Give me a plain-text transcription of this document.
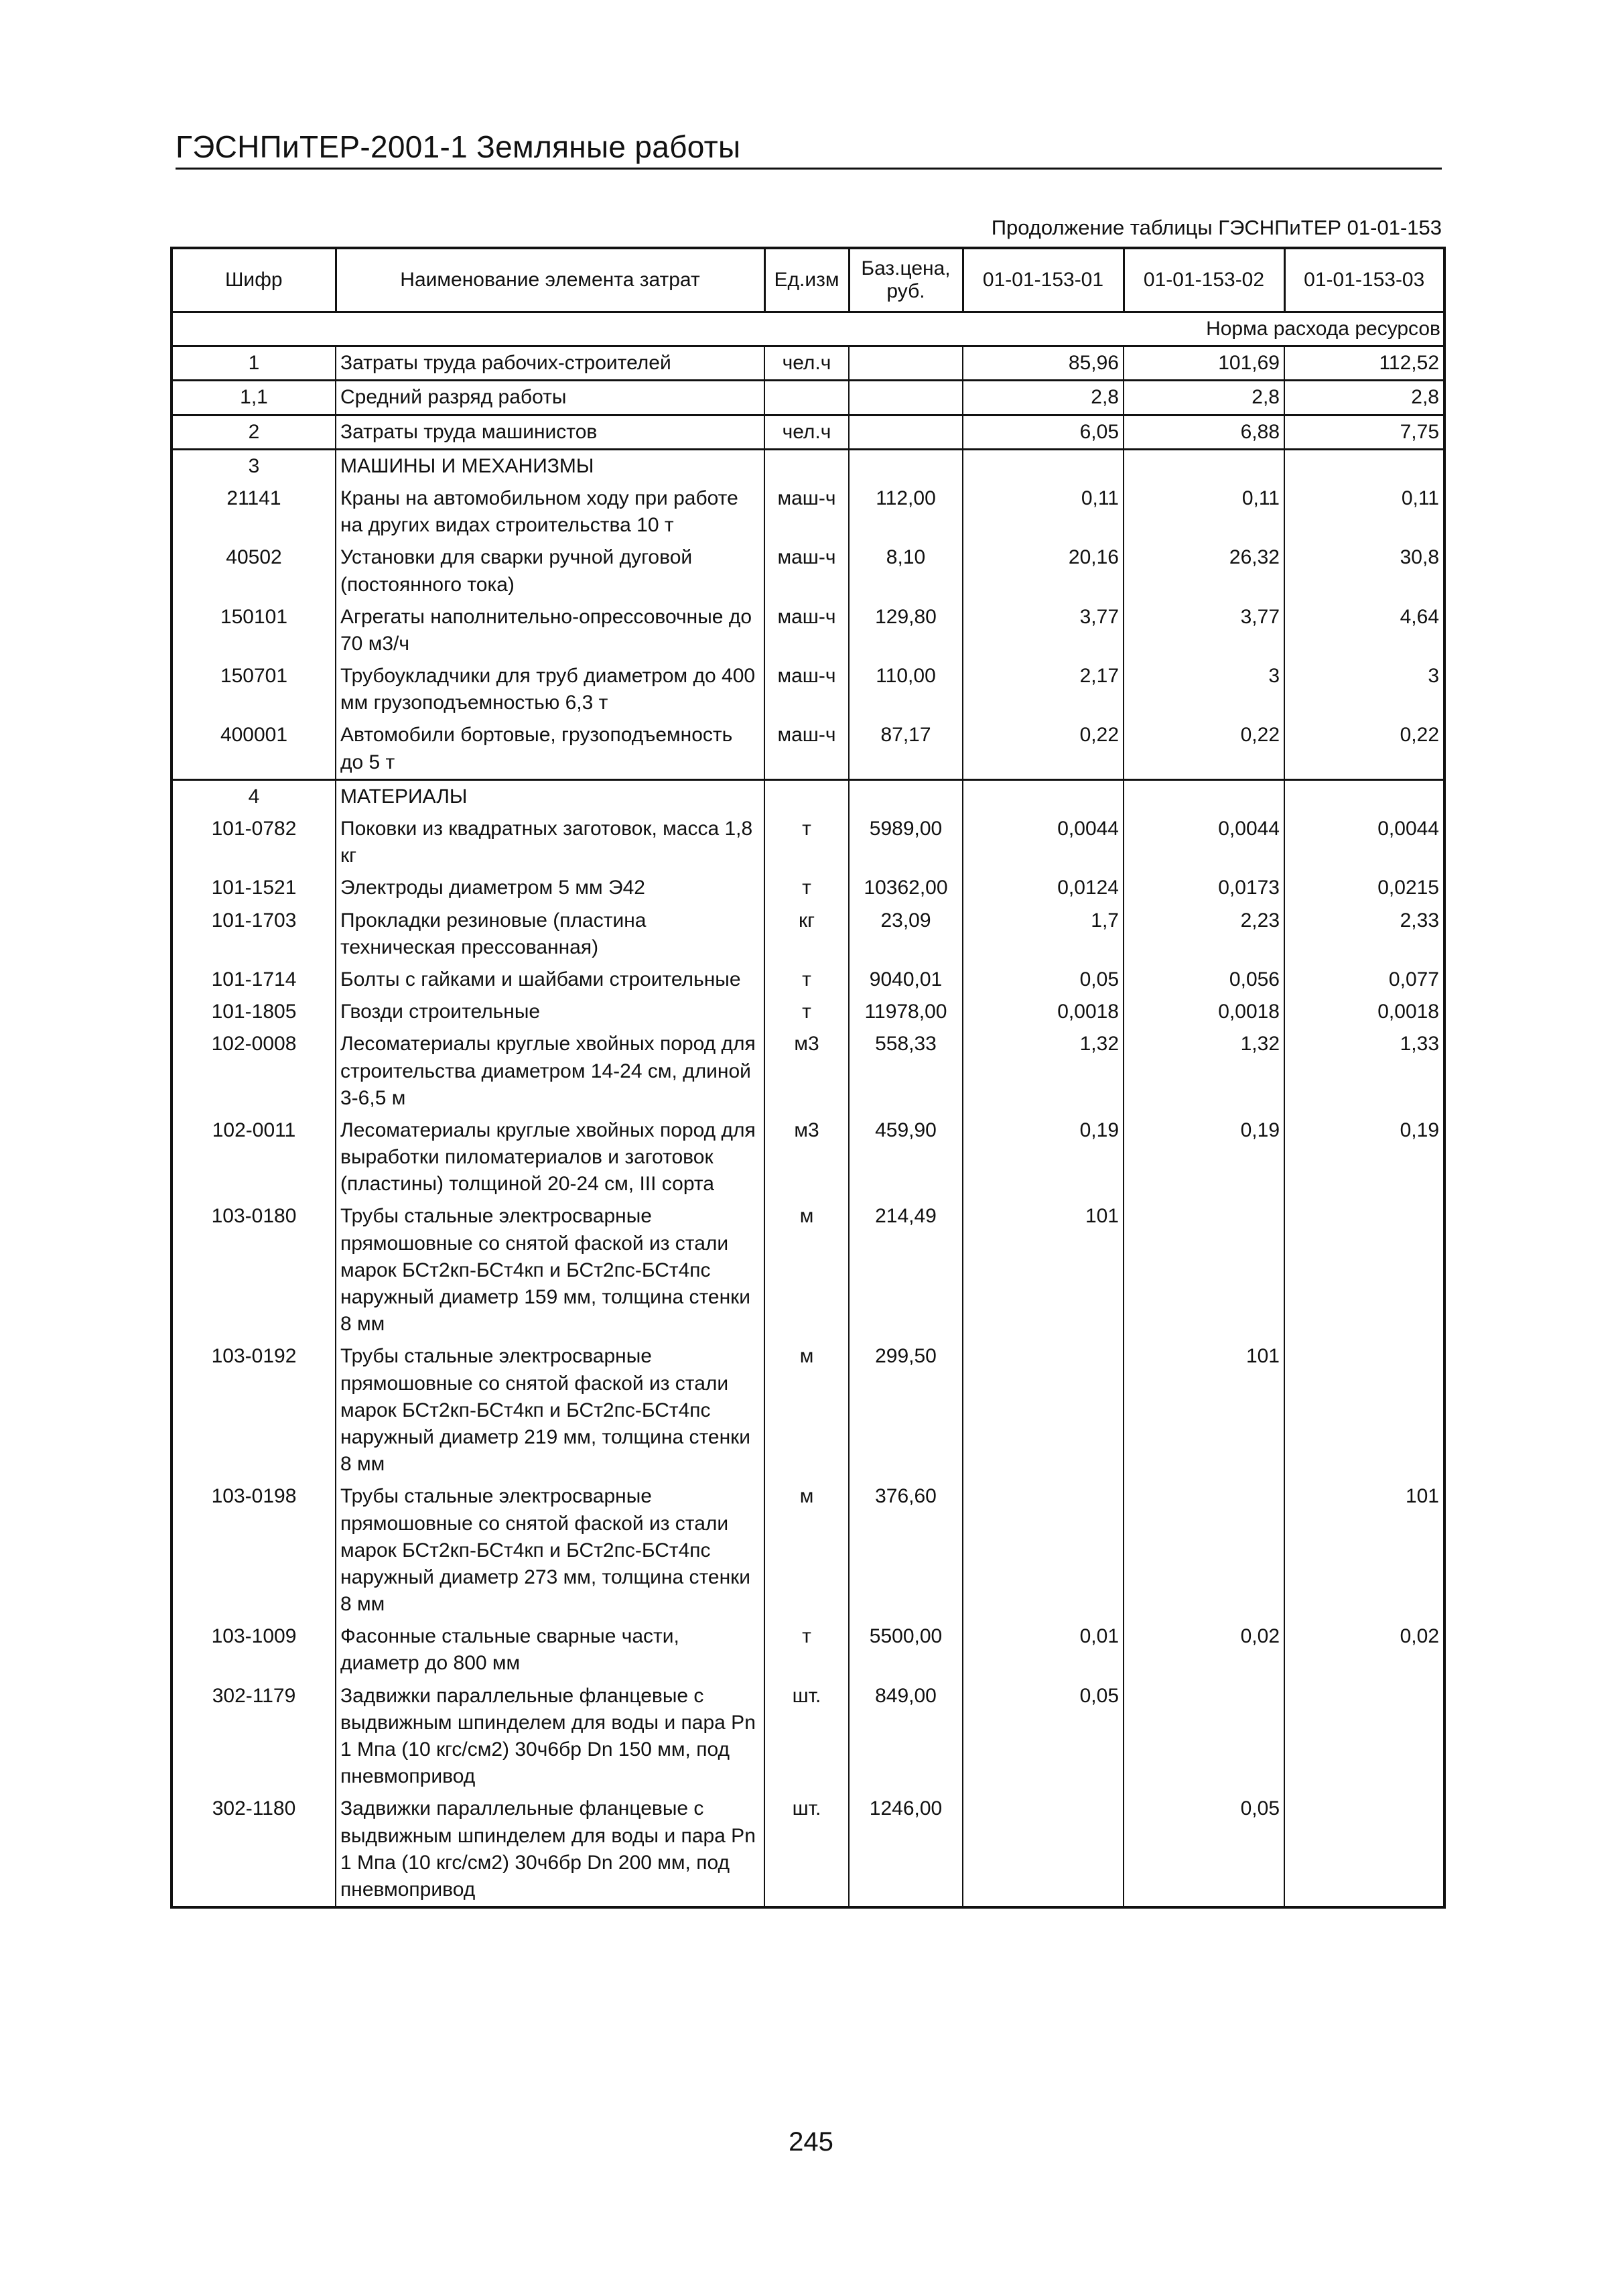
ГЭСНПиТЕР-2001-1 Земляные работы
Продолжение таблицы ГЭСНПиТЕР 01-01-153
Шифр	Наименование элемента затрат	Ед.изм	Баз.цена, руб.	01-01-153-01	01-01-153-02	01-01-153-03
Норма расхода ресурсов						
1	Затраты труда рабочих-строителей	чел.ч		85,96	101,69	112,52
1,1	Средний разряд работы			2,8	2,8	2,8
2	Затраты труда машинистов	чел.ч		6,05	6,88	7,75
3	МАШИНЫ И МЕХАНИЗМЫ					
21141	Краны на автомобильном ходу при работе на других видах строительства 10 т	маш-ч	112,00	0,11	0,11	0,11
40502	Установки для сварки ручной дуговой (постоянного тока)	маш-ч	8,10	20,16	26,32	30,8
150101	Агрегаты наполнительно-опрессовочные до 70 м3/ч	маш-ч	129,80	3,77	3,77	4,64
150701	Трубоукладчики для труб диаметром до 400 мм грузоподъемностью 6,3 т	маш-ч	110,00	2,17	3	3
400001	Автомобили бортовые, грузоподъемность до 5 т	маш-ч	87,17	0,22	0,22	0,22
4	МАТЕРИАЛЫ					
101-0782	Поковки из квадратных заготовок, масса 1,8 кг	т	5989,00	0,0044	0,0044	0,0044
101-1521	Электроды диаметром 5 мм Э42	т	10362,00	0,0124	0,0173	0,0215
101-1703	Прокладки резиновые (пластина техническая прессованная)	кг	23,09	1,7	2,23	2,33
101-1714	Болты с гайками и шайбами строительные	т	9040,01	0,05	0,056	0,077
101-1805	Гвозди строительные	т	11978,00	0,0018	0,0018	0,0018
102-0008	Лесоматериалы круглые хвойных пород для строительства диаметром 14-24 см, длиной 3-6,5 м	м3	558,33	1,32	1,32	1,33
102-0011	Лесоматериалы круглые хвойных пород для выработки пиломатериалов и заготовок (пластины) толщиной 20-24 см, III сорта	м3	459,90	0,19	0,19	0,19
103-0180	Трубы стальные электросварные прямошовные со снятой фаской из стали марок БСт2кп-БСт4кп и БСт2пс-БСт4пс наружный диаметр 159 мм, толщина стенки 8 мм	м	214,49	101		
103-0192	Трубы стальные электросварные прямошовные со снятой фаской из стали марок БСт2кп-БСт4кп и БСт2пс-БСт4пс наружный диаметр 219 мм, толщина стенки 8 мм	м	299,50		101	
103-0198	Трубы стальные электросварные прямошовные со снятой фаской из стали марок БСт2кп-БСт4кп и БСт2пс-БСт4пс наружный диаметр 273 мм, толщина стенки 8 мм	м	376,60			101
103-1009	Фасонные стальные сварные части, диаметр до 800 мм	т	5500,00	0,01	0,02	0,02
302-1179	Задвижки параллельные фланцевые с выдвижным шпинделем для воды и пара Pn 1 Мпа (10 кгс/см2) 30ч6бр Dn 150 мм, под пневмопривод	шт.	849,00	0,05		
302-1180	Задвижки параллельные фланцевые с выдвижным шпинделем для воды и пара Pn 1 Мпа (10 кгс/см2) 30ч6бр Dn 200 мм, под пневмопривод	шт.	1246,00		0,05	
245
